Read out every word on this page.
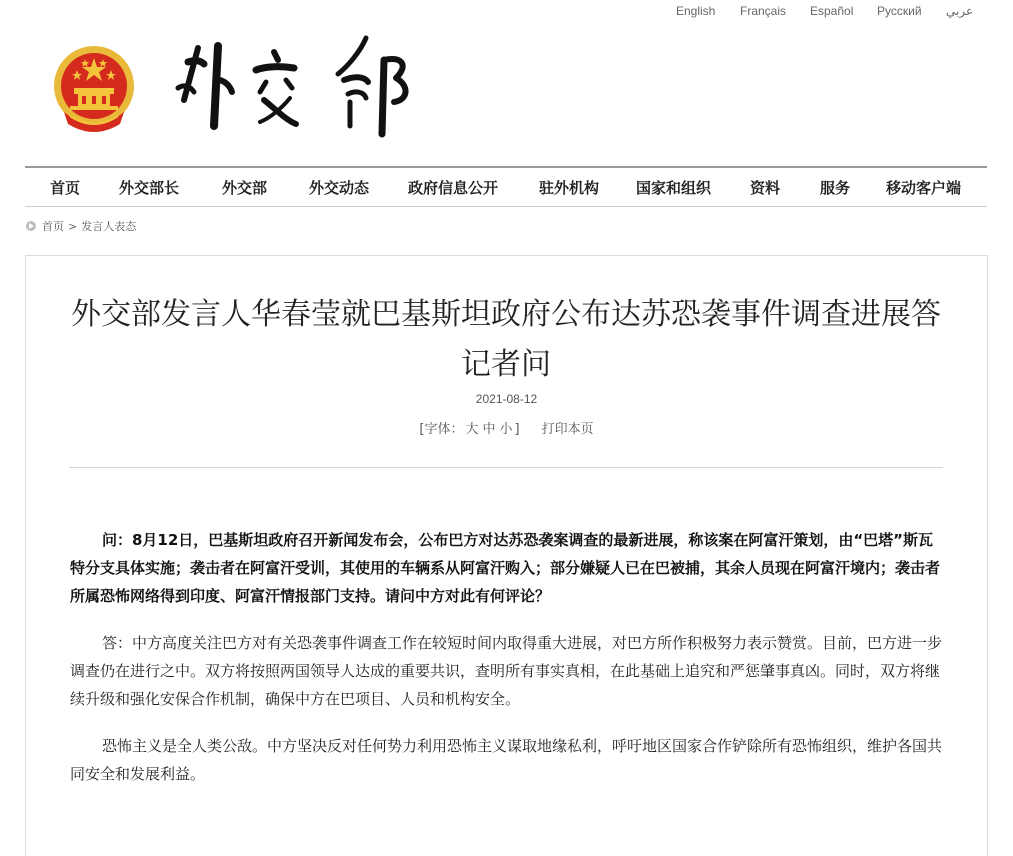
English Français Español Русский عربي
首页	外交部长	外交部	外交动态	政府信息公开	驻外机构 国家和组织	资料	服务 移动客户端
首页 > 发言人表态
外交部发言人华春莹就巴基斯坦政府公布达苏恐袭事件调查进展答记者问
2021-08-12
[字体： 大 中 小 ] 打印本页

问：8月12日，巴基斯坦政府召开新闻发布会，公布巴方对达苏恐袭案调查的最新进展，称该案在阿富汗策划，由“巴塔”斯瓦特分支具体实施；袭击者在阿富汗受训，其使用的车辆系从阿富汗购入；部分嫌疑人已在巴被捕，其余人员现在阿富汗境内；袭击者所属恐怖网络得到印度、阿富汗情报部门支持。请问中方对此有何评论？

答：中方高度关注巴方对有关恐袭事件调查工作在较短时间内取得重大进展，对巴方所作积极努力表示赞赏。目前，巴方进一步调查仍在进行之中。双方将按照两国领导人达成的重要共识，查明所有事实真相，在此基础上追究和严惩肇事真凶。同时，双方将继续升级和强化安保合作机制，确保中方在巴项目、人员和机构安全。

恐怖主义是全人类公敌。中方坚决反对任何势力利用恐怖主义谋取地缘私利，呼吁地区国家合作铲除所有恐怖组织，维护各国共同安全和发展利益。
